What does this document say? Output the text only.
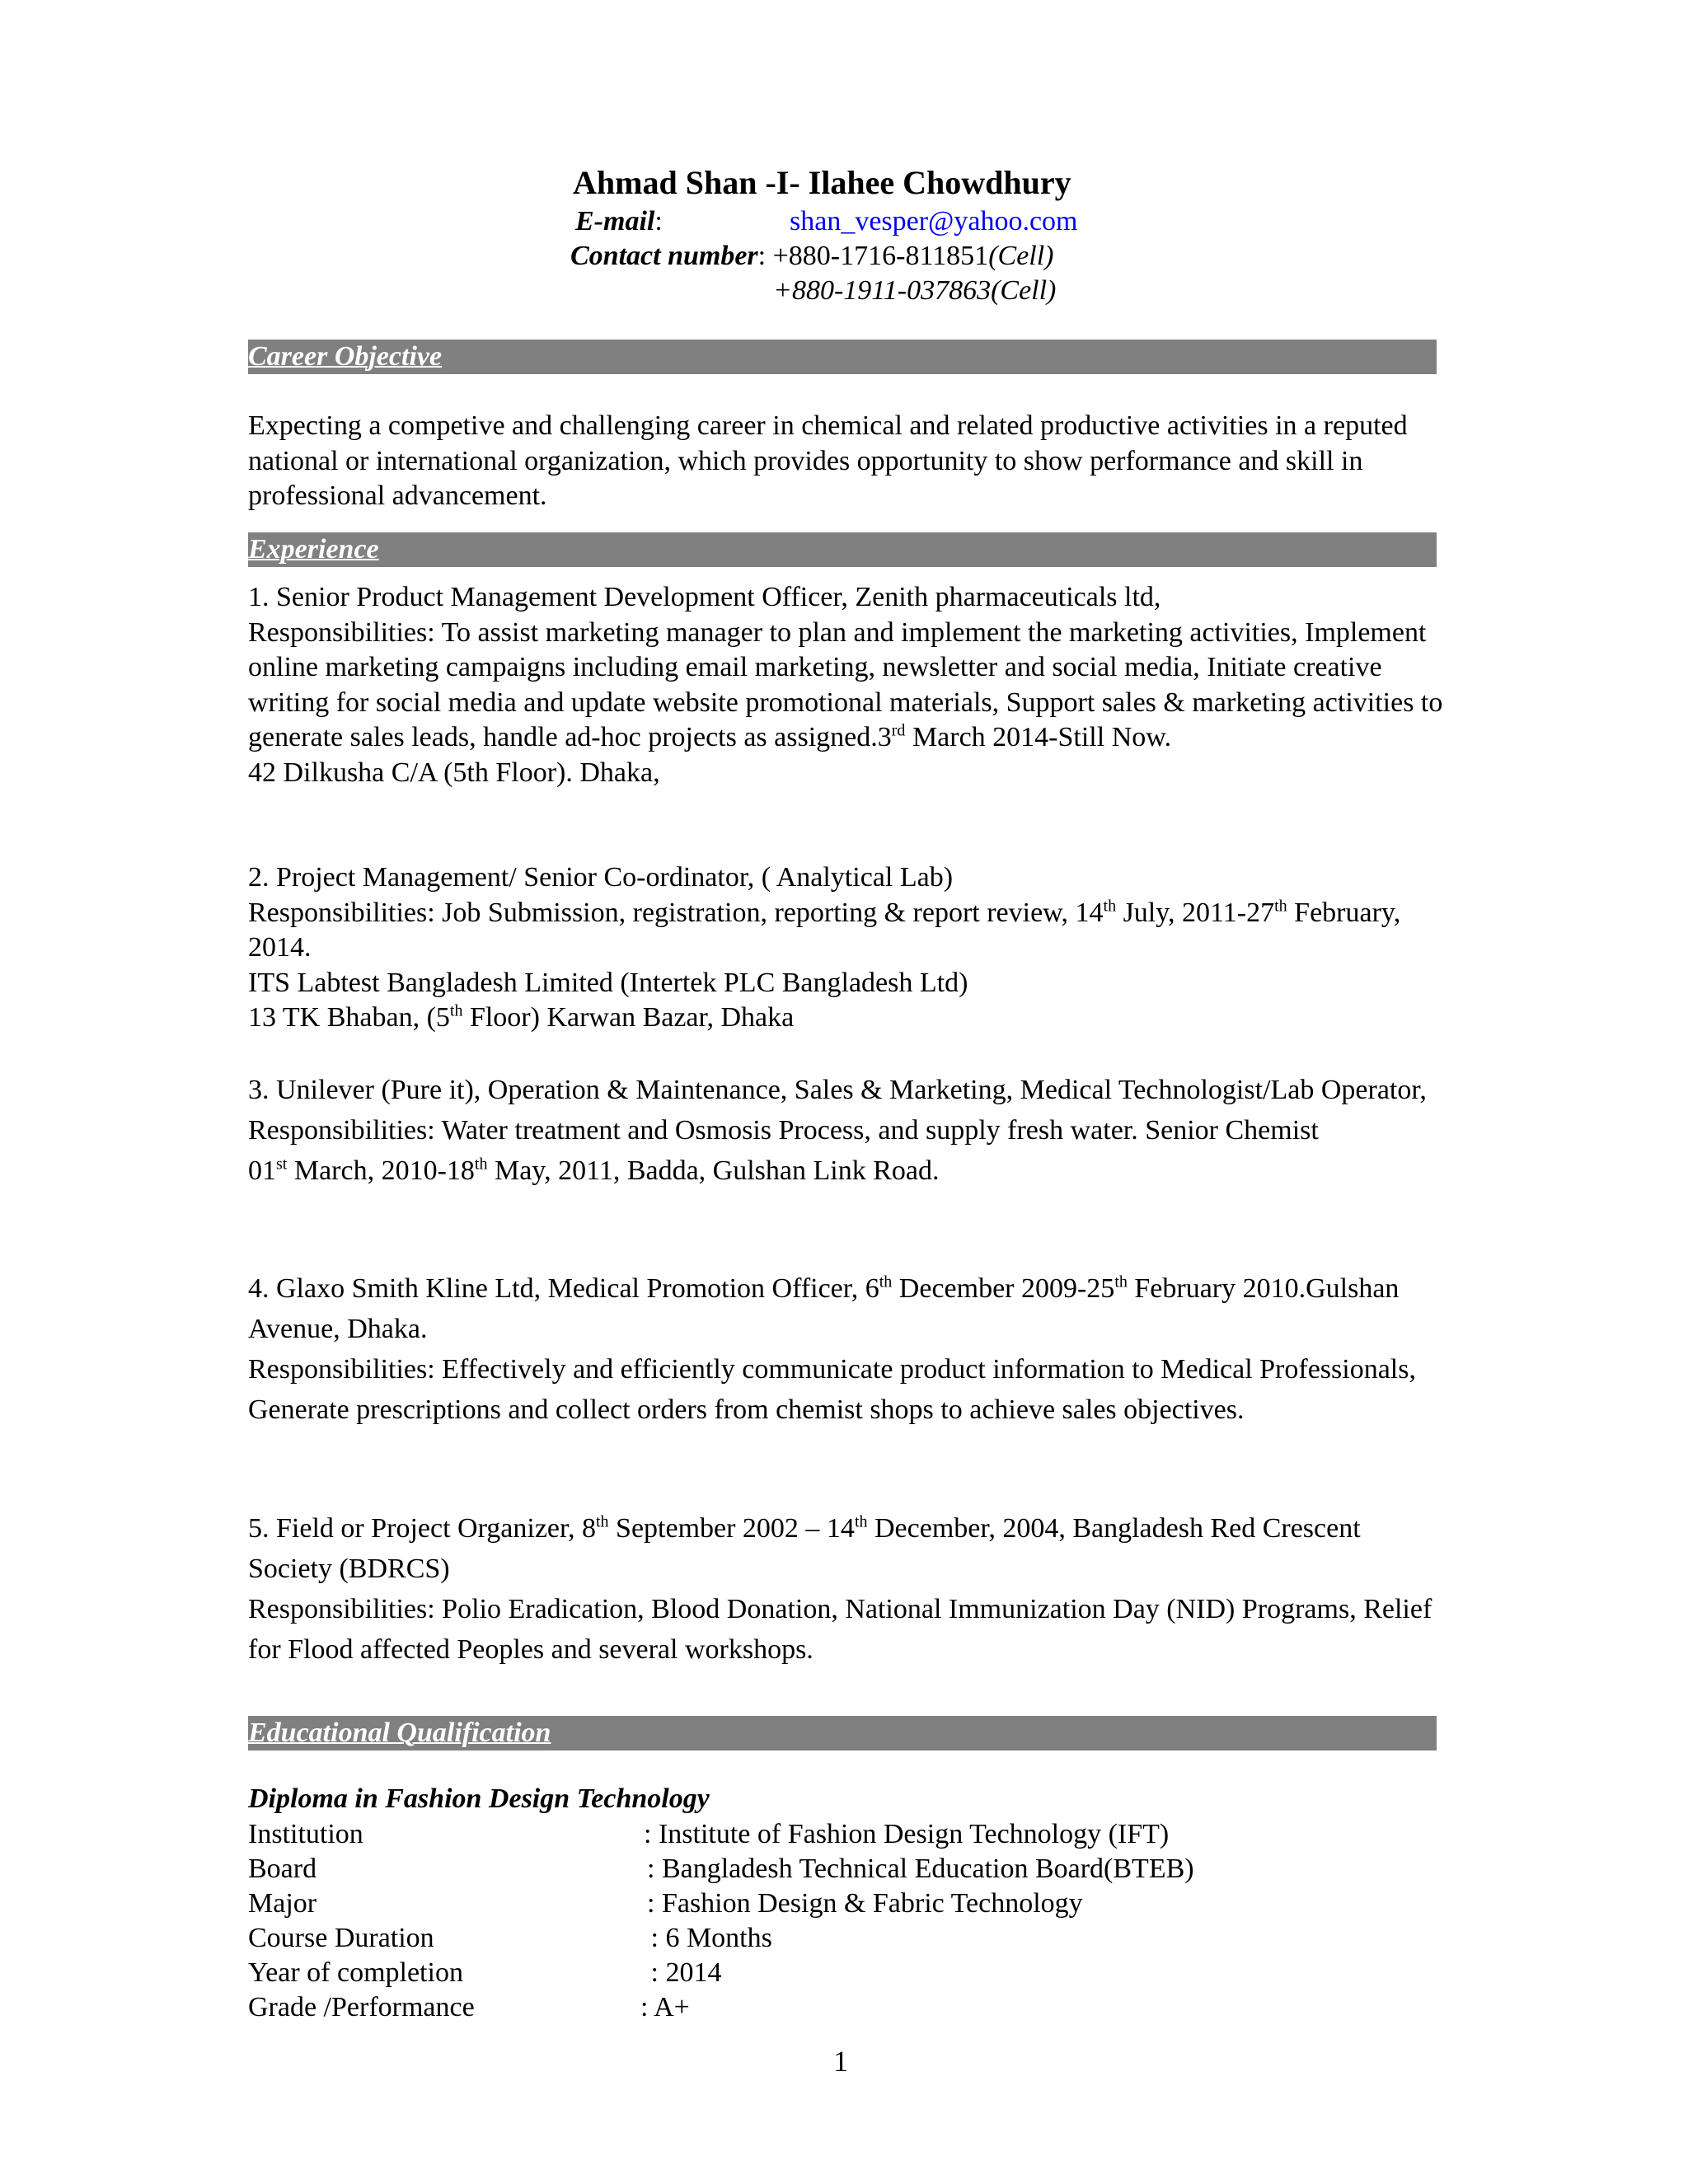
Ahmad Shan -I- Ilahee Chowdhury
E-mail:	shan_vesper@yahoo.com
Contact number: +880-1716-811851(Cell)
+880-1911-037863(Cell)
Career Objective

Expecting a competive and challenging career in chemical and related productive activities in a reputed national or international organization, which provides opportunity to show performance and skill in professional advancement.

Experience

1. Senior Product Management Development Officer, Zenith pharmaceuticals ltd,

Responsibilities: To assist marketing manager to plan and implement the marketing activities, Implement online marketing campaigns including email marketing, newsletter and social media, Initiate creative writing for social media and update website promotional materials, Support sales & marketing activities to generate sales leads, handle ad-hoc projects as assigned.3rd March 2014-Still Now.

42 Dilkusha C/A (5th Floor). Dhaka,

2. Project Management/ Senior Co-ordinator, ( Analytical Lab)

Responsibilities: Job Submission, registration, reporting & report review, 14th July, 2011-27th February, 2014.

ITS Labtest Bangladesh Limited (Intertek PLC Bangladesh Ltd)

13 TK Bhaban, (5th Floor) Karwan Bazar, Dhaka

3. Unilever (Pure it), Operation & Maintenance, Sales & Marketing, Medical Technologist/Lab Operator,

Responsibilities: Water treatment and Osmosis Process, and supply fresh water. Senior Chemist

01st March, 2010-18th May, 2011, Badda, Gulshan Link Road.

4. Glaxo Smith Kline Ltd, Medical Promotion Officer, 6th December 2009-25th February 2010.Gulshan Avenue, Dhaka.

Responsibilities: Effectively and efficiently communicate product information to Medical Professionals, Generate prescriptions and collect orders from chemist shops to achieve sales objectives.

5. Field or Project Organizer, 8th September 2002 – 14th December, 2004, Bangladesh Red Crescent Society (BDRCS)

Responsibilities: Polio Eradication, Blood Donation, National Immunization Day (NID) Programs, Relief for Flood affected Peoples and several workshops.

Educational Qualification

Diploma in Fashion Design Technology

Institution	: Institute of Fashion Design Technology (IFT)
Board	: Bangladesh Technical Education Board(BTEB)
Major	: Fashion Design & Fabric Technology
Course Duration	: 6 Months
Year of completion	: 2014
Grade /Performance	: A+
1
